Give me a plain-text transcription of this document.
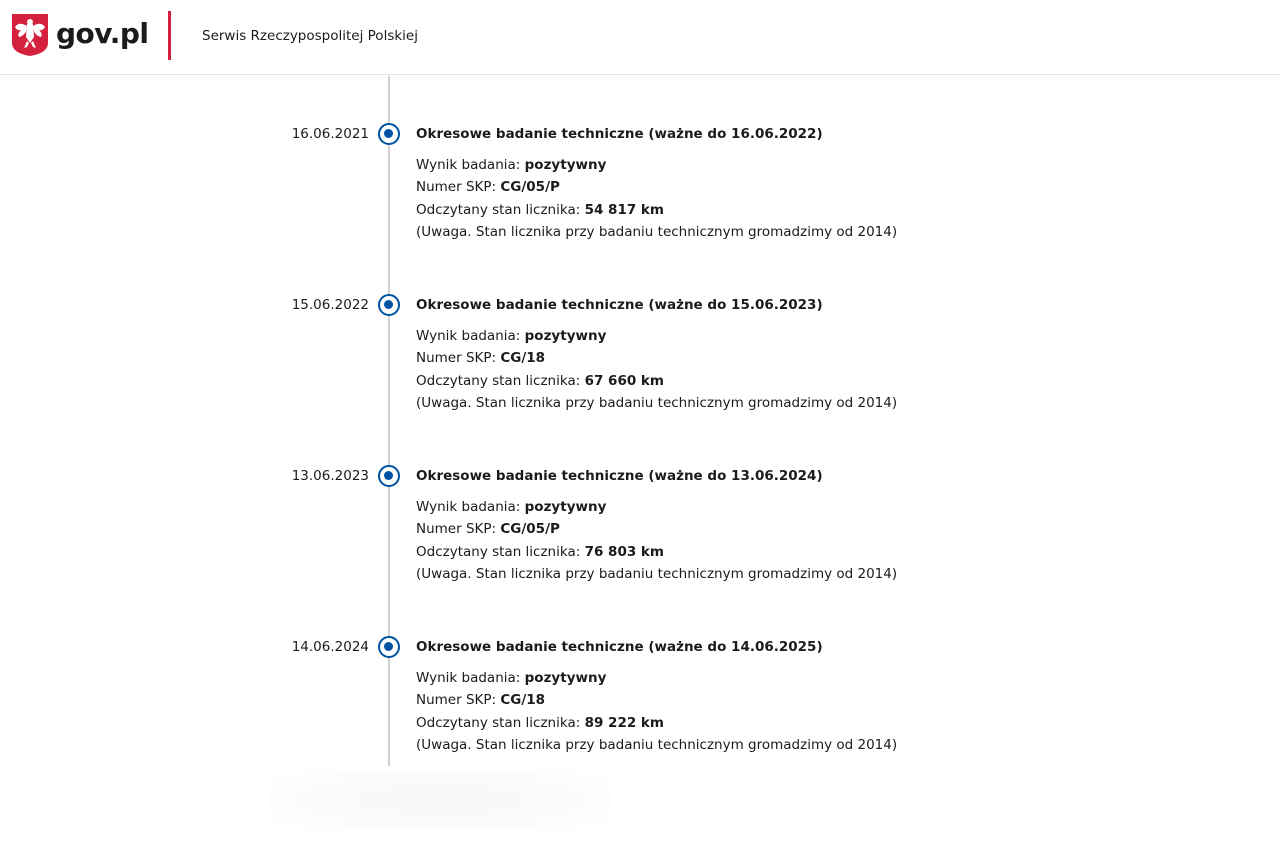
gov.pl	Serwis Rzeczypospolitej Polskiej
16.06.2021	Okresowe badanie techniczne (ważne do 16.06.2022)
Wynik badania: pozytywny
Numer SKP: CG/05/P
Odczytany stan licznika: 54 817 km
(Uwaga. Stan licznika przy badaniu technicznym gromadzimy od 2014)
15.06.2022	Okresowe badanie techniczne (ważne do 15.06.2023)
Wynik badania: pozytywny
Numer SKP: CG/18
Odczytany stan licznika: 67 660 km
(Uwaga. Stan licznika przy badaniu technicznym gromadzimy od 2014)
13.06.2023	Okresowe badanie techniczne (ważne do 13.06.2024)
Wynik badania: pozytywny
Numer SKP: CG/05/P
Odczytany stan licznika: 76 803 km
(Uwaga. Stan licznika przy badaniu technicznym gromadzimy od 2014)
14.06.2024	Okresowe badanie techniczne (ważne do 14.06.2025)
Wynik badania: pozytywny
Numer SKP: CG/18
Odczytany stan licznika: 89 222 km
(Uwaga. Stan licznika przy badaniu technicznym gromadzimy od 2014)
